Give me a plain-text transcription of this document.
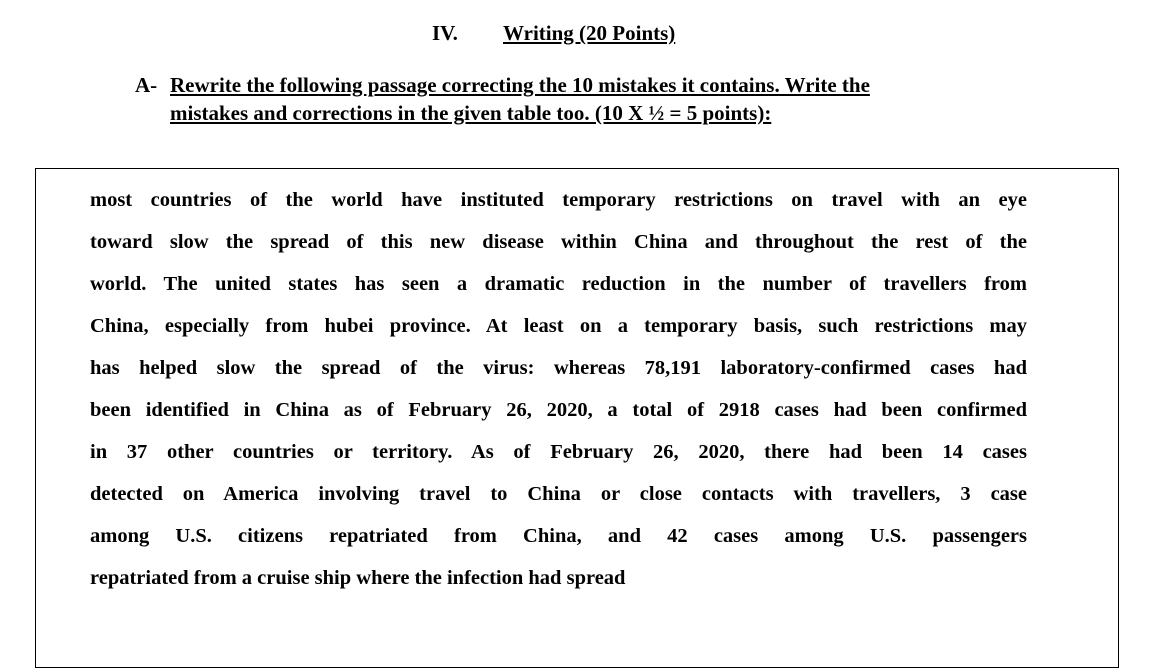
IV. Writing (20 Points)
A- Rewrite the following passage correcting the 10 mistakes it contains. Write the
mistakes and corrections in the given table too. (10 X ½ = 5 points):
most countries of the world have instituted temporary restrictions on travel with an eye
toward slow the spread of this new disease within China and throughout the rest of the
world. The united states has seen a dramatic reduction in the number of travellers from
China, especially from hubei province. At least on a temporary basis, such restrictions may
has helped slow the spread of the virus: whereas 78,191 laboratory-confirmed cases had
been identified in China as of February 26, 2020, a total of 2918 cases had been confirmed
in 37 other countries or territory. As of February 26, 2020, there had been 14 cases
detected on America involving travel to China or close contacts with travellers, 3 case
among U.S. citizens repatriated from China, and 42 cases among U.S. passengers
repatriated from a cruise ship where the infection had spread
